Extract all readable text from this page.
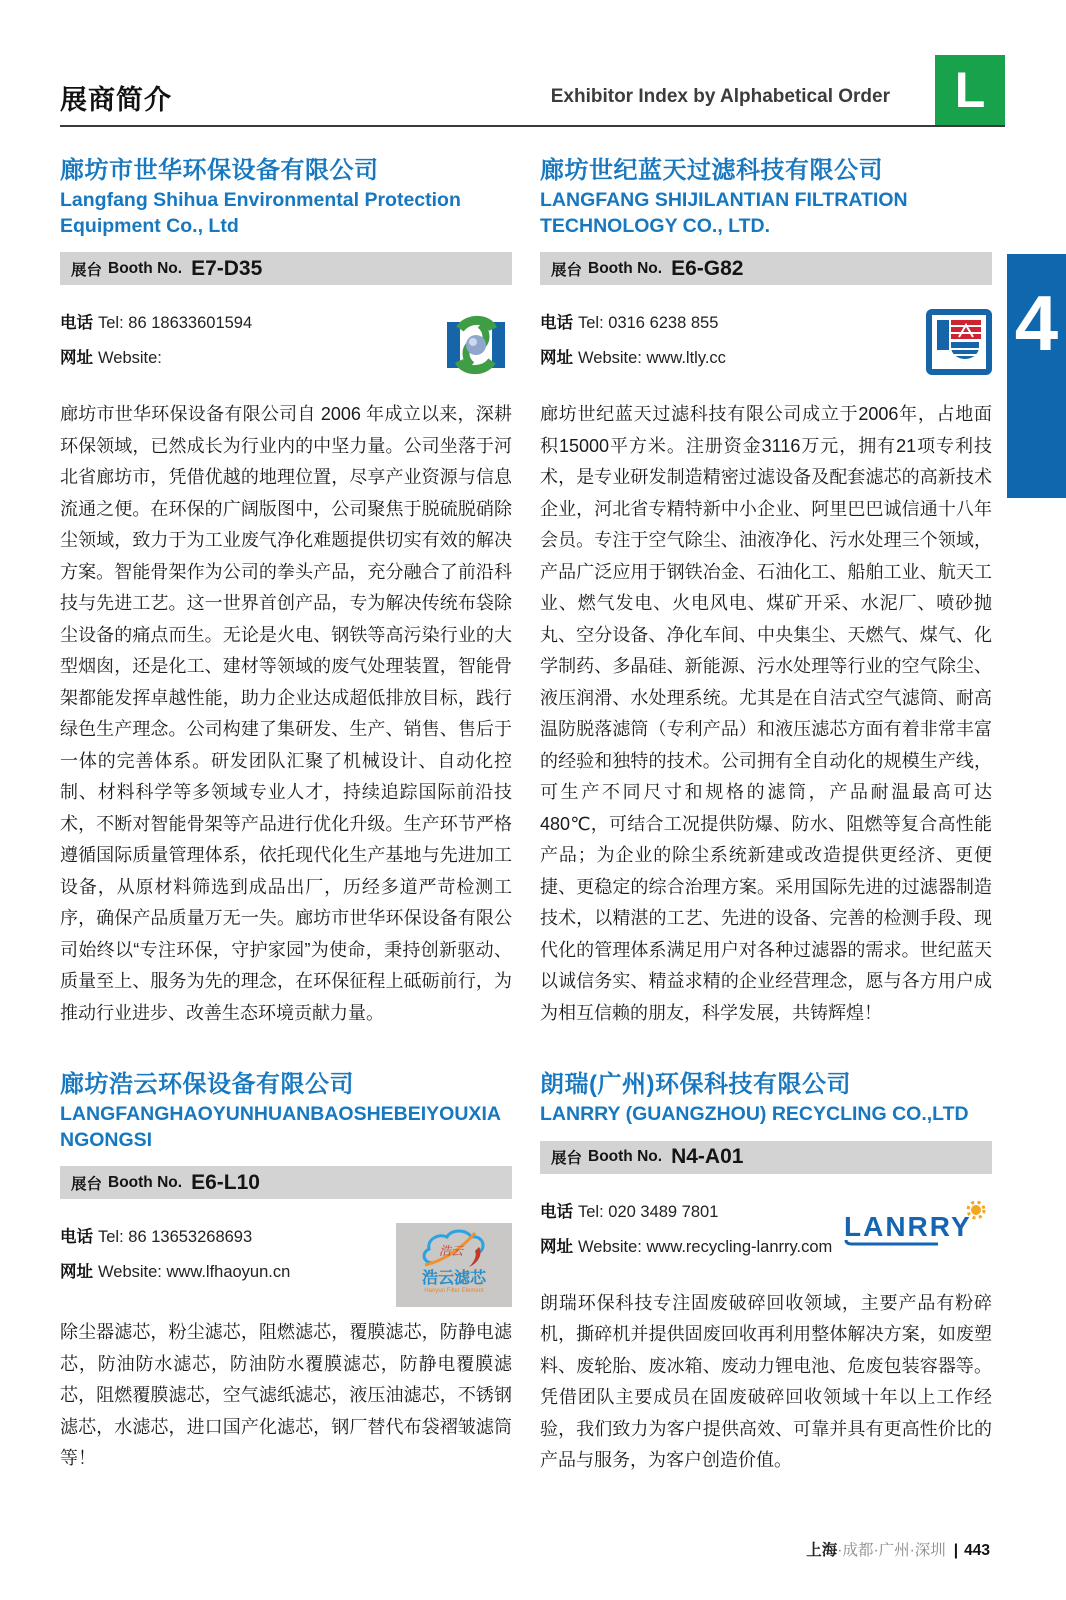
展商简介	Exhibitor Index by Alphabetical Order L
4
廊坊市世华环保设备有限公司
Langfang Shihua Environmental Protection Equipment Co., Ltd
展台 Booth No. E7-D35
电话 Tel: 86 18633601594
网址 Website:

廊坊市世华环保设备有限公司自 2006 年成立以来，深耕环保领域，已然成长为行业内的中坚力量。公司坐落于河北省廊坊市，凭借优越的地理位置，尽享产业资源与信息流通之便。在环保的广阔版图中，公司聚焦于脱硫脱硝除尘领域，致力于为工业废气净化难题提供切实有效的解决方案。智能骨架作为公司的拳头产品，充分融合了前沿科技与先进工艺。这一世界首创产品，专为解决传统布袋除尘设备的痛点而生。无论是火电、钢铁等高污染行业的大型烟囱，还是化工、建材等领域的废气处理装置，智能骨架都能发挥卓越性能，助力企业达成超低排放目标，践行绿色生产理念。公司构建了集研发、生产、销售、售后于一体的完善体系。研发团队汇聚了机械设计、自动化控制、材料科学等多领域专业人才，持续追踪国际前沿技术，不断对智能骨架等产品进行优化升级。生产环节严格遵循国际质量管理体系，依托现代化生产基地与先进加工设备，从原材料筛选到成品出厂，历经多道严苛检测工序，确保产品质量万无一失。廊坊市世华环保设备有限公司始终以“专注环保，守护家园”为使命，秉持创新驱动、质量至上、服务为先的理念，在环保征程上砥砺前行，为推动行业进步、改善生态环境贡献力量。

廊坊世纪蓝天过滤科技有限公司
LANGFANG SHIJILANTIAN FILTRATION TECHNOLOGY CO., LTD.
展台 Booth No. E6-G82
电话 Tel: 0316 6238 855
网址 Website: www.ltly.cc

廊坊世纪蓝天过滤科技有限公司成立于2006年，占地面积15000平方米。注册资金3116万元，拥有21项专利技术，是专业研发制造精密过滤设备及配套滤芯的高新技术企业，河北省专精特新中小企业、阿里巴巴诚信通十八年会员。专注于空气除尘、油液净化、污水处理三个领域，产品广泛应用于钢铁冶金、石油化工、船舶工业、航天工业、燃气发电、火电风电、煤矿开采、水泥厂、喷砂抛丸、空分设备、净化车间、中央集尘、天燃气、煤气、化学制药、多晶硅、新能源、污水处理等行业的空气除尘、液压润滑、水处理系统。尤其是在自洁式空气滤筒、耐高温防脱落滤筒（专利产品）和液压滤芯方面有着非常丰富的经验和独特的技术。公司拥有全自动化的规模生产线，可生产不同尺寸和规格的滤筒，产品耐温最高可达480℃，可结合工况提供防爆、防水、阻燃等复合高性能产品；为企业的除尘系统新建或改造提供更经济、更便捷、更稳定的综合治理方案。采用国际先进的过滤器制造技术，以精湛的工艺、先进的设备、完善的检测手段、现代化的管理体系满足用户对各种过滤器的需求。世纪蓝天以诚信务实、精益求精的企业经营理念，愿与各方用户成为相互信赖的朋友，科学发展，共铸辉煌！

廊坊浩云环保设备有限公司
LANGFANGHAOYUNHUANBAOSHEBEIYOUXIANGONGSI
展台 Booth No. E6-L10
电话 Tel: 86 13653268693
网址 Website: www.lfhaoyun.cn
浩云
浩云滤芯
Haoyun Filter Element

除尘器滤芯，粉尘滤芯，阻燃滤芯，覆膜滤芯，防静电滤芯，防油防水滤芯，防油防水覆膜滤芯，防静电覆膜滤芯，阻燃覆膜滤芯，空气滤纸滤芯，液压油滤芯，不锈钢滤芯，水滤芯，进口国产化滤芯，钢厂替代布袋褶皱滤筒等！

朗瑞(广州)环保科技有限公司
LANRRY (GUANGZHOU) RECYCLING CO.,LTD
展台 Booth No. N4-A01
电话 Tel: 020 3489 7801
网址 Website: www.recycling-lanrry.com
LANRRY

朗瑞环保科技专注固废破碎回收领域，主要产品有粉碎机，撕碎机并提供固废回收再利用整体解决方案，如废塑料、废轮胎、废冰箱、废动力锂电池、危废包装容器等。凭借团队主要成员在固废破碎回收领域十年以上工作经验，我们致力为客户提供高效、可靠并具有更高性价比的产品与服务，为客户创造价值。

上海·成都·广州·深圳 | 443
